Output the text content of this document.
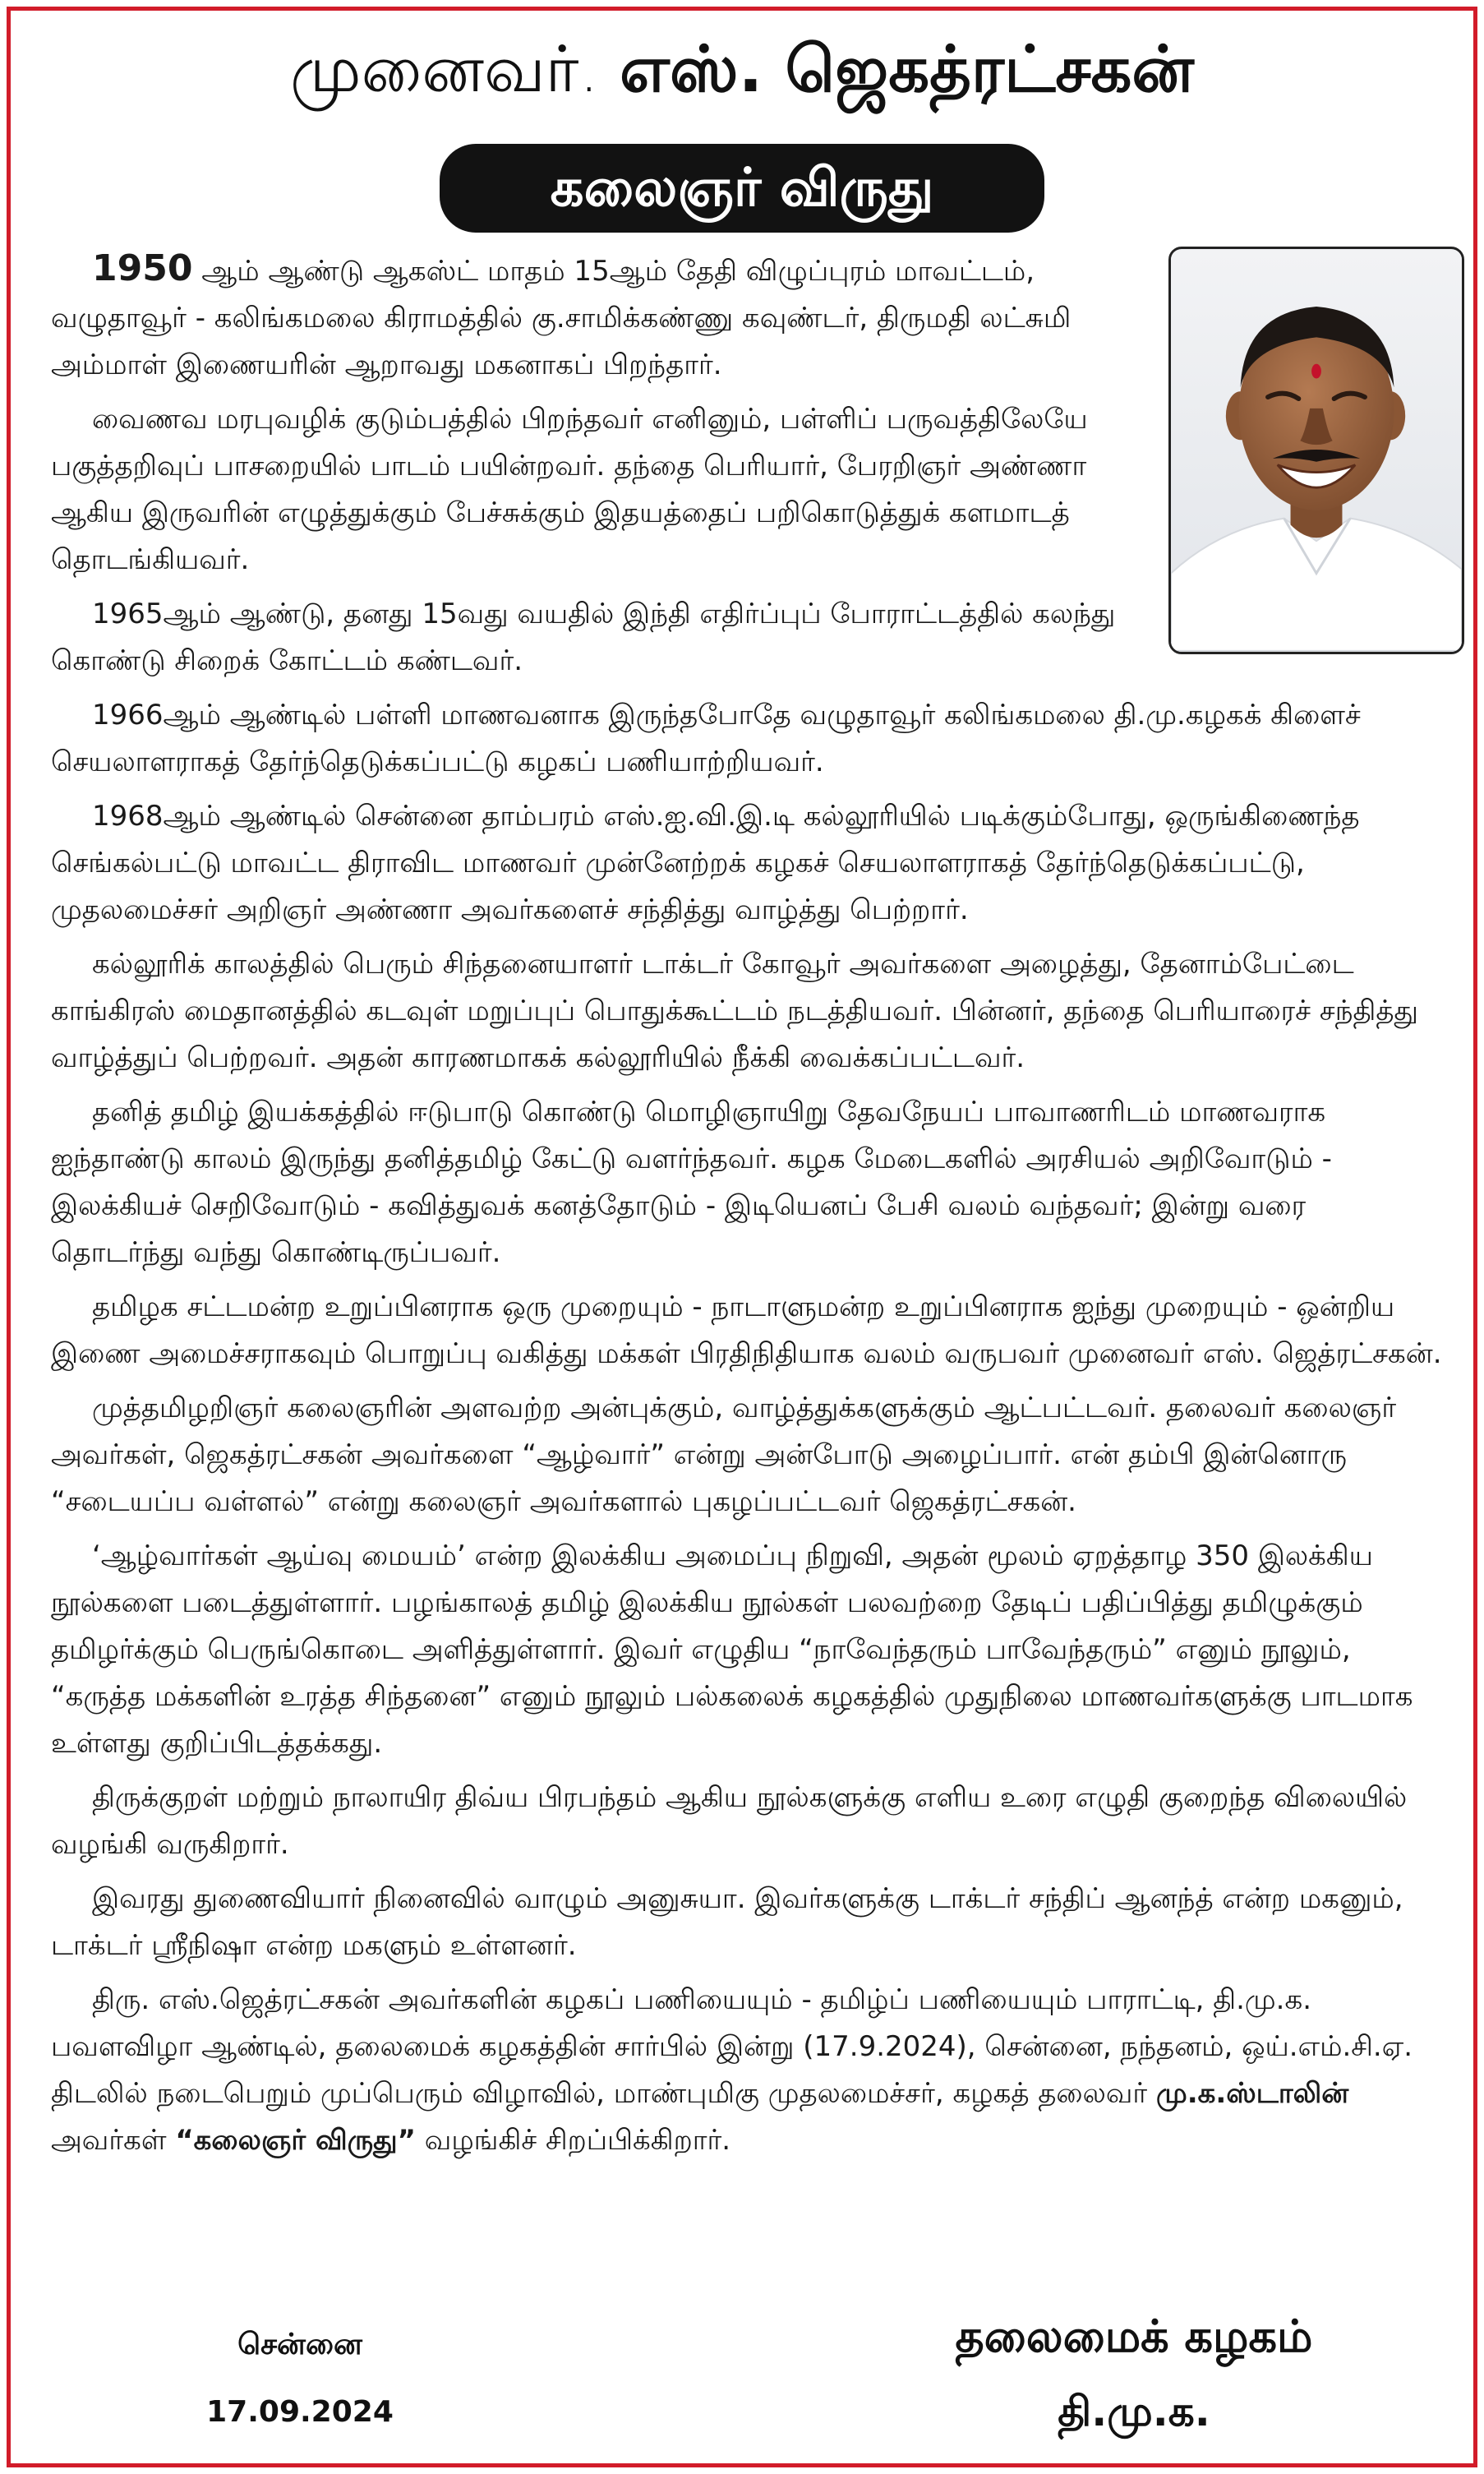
முனைவர். எஸ். ஜெகத்ரட்சகன்
கலைஞர் விருது

1950 ஆம் ஆண்டு ஆகஸ்ட் மாதம் 15ஆம் தேதி விழுப்புரம் மாவட்டம், வழுதாவூர் - கலிங்கமலை கிராமத்தில் கு.சாமிக்கண்ணு கவுண்டர், திருமதி லட்சுமி அம்மாள் இணையரின் ஆறாவது மகனாகப் பிறந்தார்.

வைணவ மரபுவழிக் குடும்பத்தில் பிறந்தவர் எனினும், பள்ளிப் பருவத்திலேயே பகுத்தறிவுப் பாசறையில் பாடம் பயின்றவர். தந்தை பெரியார், பேரறிஞர் அண்ணா ஆகிய இருவரின் எழுத்துக்கும் பேச்சுக்கும் இதயத்தைப் பறிகொடுத்துக் களமாடத் தொடங்கியவர்.

1965ஆம் ஆண்டு, தனது 15வது வயதில் இந்தி எதிர்ப்புப் போராட்டத்தில் கலந்து கொண்டு சிறைக் கோட்டம் கண்டவர்.

1966ஆம் ஆண்டில் பள்ளி மாணவனாக இருந்தபோதே வழுதாவூர் கலிங்கமலை தி.மு.கழகக் கிளைச் செயலாளராகத் தேர்ந்தெடுக்கப்பட்டு கழகப் பணியாற்றியவர்.

1968ஆம் ஆண்டில் சென்னை தாம்பரம் எஸ்.ஐ.வி.இ.டி கல்லூரியில் படிக்கும்போது, ஒருங்கிணைந்த செங்கல்பட்டு மாவட்ட திராவிட மாணவர் முன்னேற்றக் கழகச் செயலாளராகத் தேர்ந்தெடுக்கப்பட்டு, முதலமைச்சர் அறிஞர் அண்ணா அவர்களைச் சந்தித்து வாழ்த்து பெற்றார்.

கல்லூரிக் காலத்தில் பெரும் சிந்தனையாளர் டாக்டர் கோவூர் அவர்களை அழைத்து, தேனாம்பேட்டை காங்கிரஸ் மைதானத்தில் கடவுள் மறுப்புப் பொதுக்கூட்டம் நடத்தியவர். பின்னர், தந்தை பெரியாரைச் சந்தித்து வாழ்த்துப் பெற்றவர். அதன் காரணமாகக் கல்லூரியில் நீக்கி வைக்கப்பட்டவர்.

தனித் தமிழ் இயக்கத்தில் ஈடுபாடு கொண்டு மொழிஞாயிறு தேவநேயப் பாவாணரிடம் மாணவராக ஐந்தாண்டு காலம் இருந்து தனித்தமிழ் கேட்டு வளர்ந்தவர். கழக மேடைகளில் அரசியல் அறிவோடும் - இலக்கியச் செறிவோடும் - கவித்துவக் கனத்தோடும் - இடியெனப் பேசி வலம் வந்தவர்; இன்று வரை தொடர்ந்து வந்து கொண்டிருப்பவர்.

தமிழக சட்டமன்ற உறுப்பினராக ஒரு முறையும் - நாடாளுமன்ற உறுப்பினராக ஐந்து முறையும் - ஒன்றிய இணை அமைச்சராகவும் பொறுப்பு வகித்து மக்கள் பிரதிநிதியாக வலம் வருபவர் முனைவர் எஸ். ஜெத்ரட்சகன்.

முத்தமிழறிஞர் கலைஞரின் அளவற்ற அன்புக்கும், வாழ்த்துக்களுக்கும் ஆட்பட்டவர். தலைவர் கலைஞர் அவர்கள், ஜெகத்ரட்சகன் அவர்களை “ஆழ்வார்” என்று அன்போடு அழைப்பார். என் தம்பி இன்னொரு “சடையப்ப வள்ளல்” என்று கலைஞர் அவர்களால் புகழப்பட்டவர் ஜெகத்ரட்சகன்.

‘ஆழ்வார்கள் ஆய்வு மையம்’ என்ற இலக்கிய அமைப்பு நிறுவி, அதன் மூலம் ஏறத்தாழ 350 இலக்கிய நூல்களை படைத்துள்ளார். பழங்காலத் தமிழ் இலக்கிய நூல்கள் பலவற்றை தேடிப் பதிப்பித்து தமிழுக்கும் தமிழர்க்கும் பெருங்கொடை அளித்துள்ளார். இவர் எழுதிய “நாவேந்தரும் பாவேந்தரும்” எனும் நூலும், “கருத்த மக்களின் உரத்த சிந்தனை” எனும் நூலும் பல்கலைக் கழகத்தில் முதுநிலை மாணவர்களுக்கு பாடமாக உள்ளது குறிப்பிடத்தக்கது.

திருக்குறள் மற்றும் நாலாயிர திவ்ய பிரபந்தம் ஆகிய நூல்களுக்கு எளிய உரை எழுதி குறைந்த விலையில் வழங்கி வருகிறார்.

இவரது துணைவியார் நினைவில் வாழும் அனுசுயா. இவர்களுக்கு டாக்டர் சந்திப் ஆனந்த் என்ற மகனும், டாக்டர் ஸ்ரீநிஷா என்ற மகளும் உள்ளனர்.

திரு. எஸ்.ஜெத்ரட்சகன் அவர்களின் கழகப் பணியையும் - தமிழ்ப் பணியையும் பாராட்டி, தி.மு.க. பவளவிழா ஆண்டில், தலைமைக் கழகத்தின் சார்பில் இன்று (17.9.2024), சென்னை, நந்தனம், ஒய்.எம்.சி.ஏ. திடலில் நடைபெறும் முப்பெரும் விழாவில், மாண்புமிகு முதலமைச்சர், கழகத் தலைவர் மு.க.ஸ்டாலின் அவர்கள் “கலைஞர் விருது” வழங்கிச் சிறப்பிக்கிறார்.

சென்னை
17.09.2024
தலைமைக் கழகம்
தி.மு.க.
